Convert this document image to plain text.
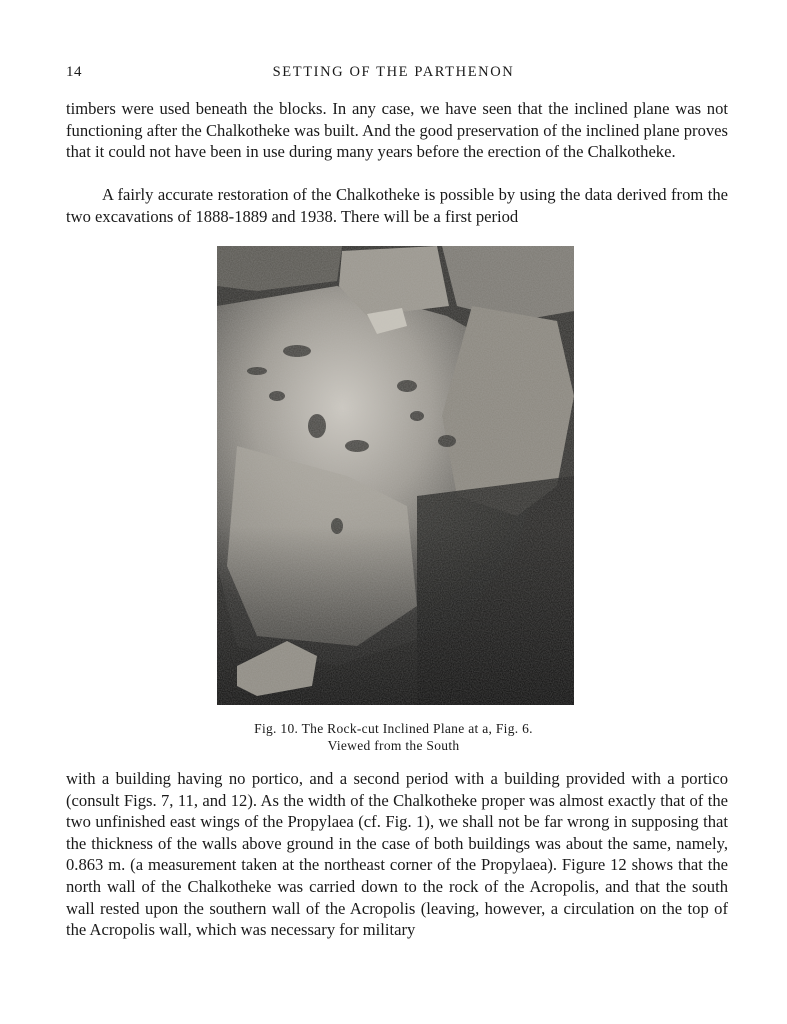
14	SETTING OF THE PARTHENON

timbers were used beneath the blocks. In any case, we have seen that the inclined plane was not functioning after the Chalkotheke was built. And the good preservation of the inclined plane proves that it could not have been in use during many years before the erection of the Chalkotheke.

A fairly accurate restoration of the Chalkotheke is possible by using the data derived from the two excavations of 1888-1889 and 1938. There will be a first period

Fig. 10. The Rock-cut Inclined Plane at a, Fig. 6.
Viewed from the South

with a building having no portico, and a second period with a building provided with a portico (consult Figs. 7, 11, and 12). As the width of the Chalkotheke proper was almost exactly that of the two unfinished east wings of the Propylaea (cf. Fig. 1), we shall not be far wrong in supposing that the thickness of the walls above ground in the case of both buildings was about the same, namely, 0.863 m. (a measurement taken at the northeast corner of the Propylaea). Figure 12 shows that the north wall of the Chalkotheke was carried down to the rock of the Acropolis, and that the south wall rested upon the southern wall of the Acropolis (leaving, however, a circulation on the top of the Acropolis wall, which was necessary for military
